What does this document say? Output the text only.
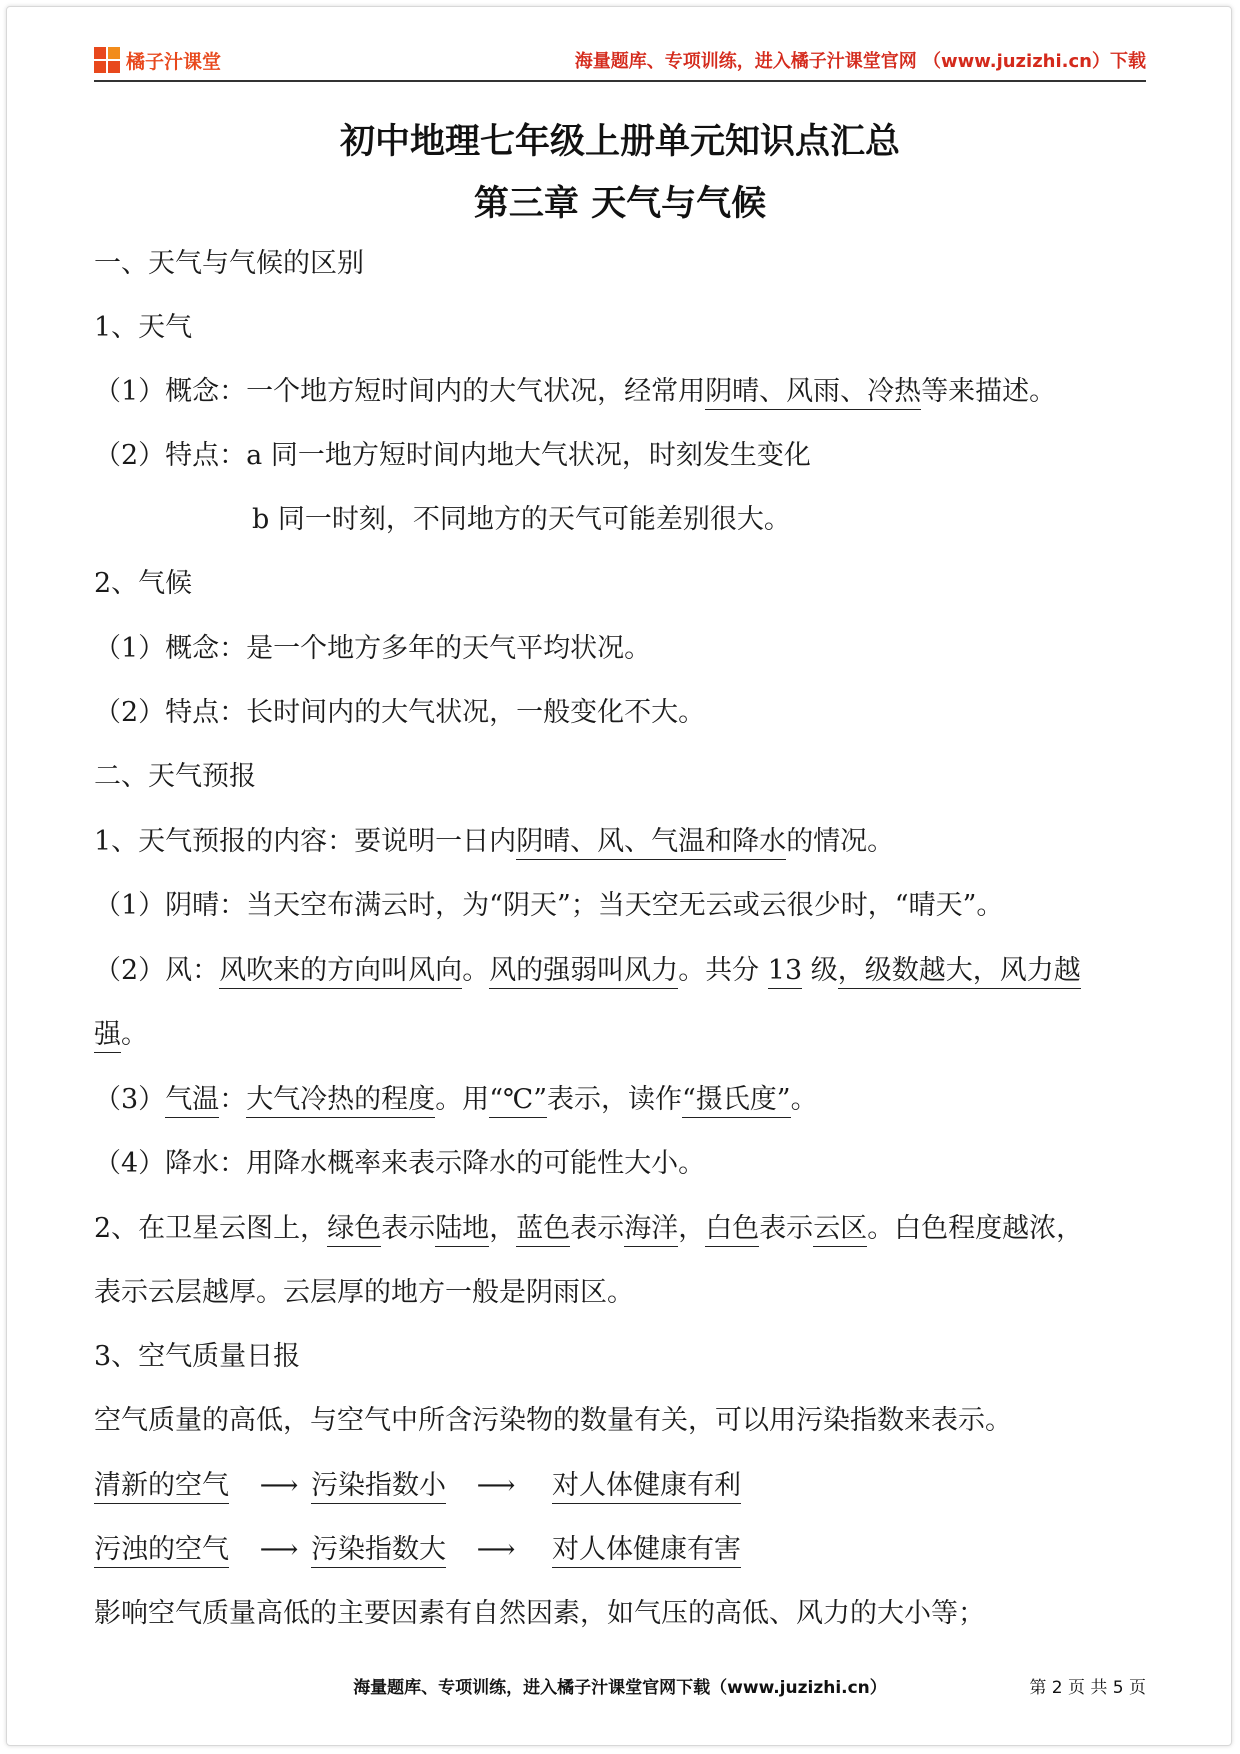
橘子汁课堂	海量题库、专项训练，进入橘子汁课堂官网 （www.juzizhi.cn）下载
初中地理七年级上册单元知识点汇总
第三章 天气与气候
一、天气与气候的区别
1、天气
（1）概念：一个地方短时间内的大气状况，经常用阴晴、风雨、冷热等来描述。
（2）特点：a 同一地方短时间内地大气状况，时刻发生变化
b 同一时刻，不同地方的天气可能差别很大。
2、气候
（1）概念：是一个地方多年的天气平均状况。
（2）特点：长时间内的大气状况，一般变化不大。
二、天气预报
1、天气预报的内容：要说明一日内阴晴、风、气温和降水的情况。
（1）阴晴：当天空布满云时，为“阴天”；当天空无云或云很少时，“晴天”。
（2）风：风吹来的方向叫风向。风的强弱叫风力。共分 13 级，级数越大，风力越
强。
（3）气温：大气冷热的程度。用“℃”表示，读作“摄氏度”。
（4）降水：用降水概率来表示降水的可能性大小。
2、在卫星云图上，绿色表示陆地，蓝色表示海洋，白色表示云区。白色程度越浓，
表示云层越厚。云层厚的地方一般是阴雨区。
3、空气质量日报
空气质量的高低，与空气中所含污染物的数量有关，可以用污染指数来表示。
清新的空气 ⟶ 污染指数小 ⟶ 对人体健康有利
污浊的空气 ⟶ 污染指数大 ⟶ 对人体健康有害
影响空气质量高低的主要因素有自然因素，如气压的高低、风力的大小等；
海量题库、专项训练，进入橘子汁课堂官网下载（www.juzizhi.cn）	第 2 页 共 5 页
